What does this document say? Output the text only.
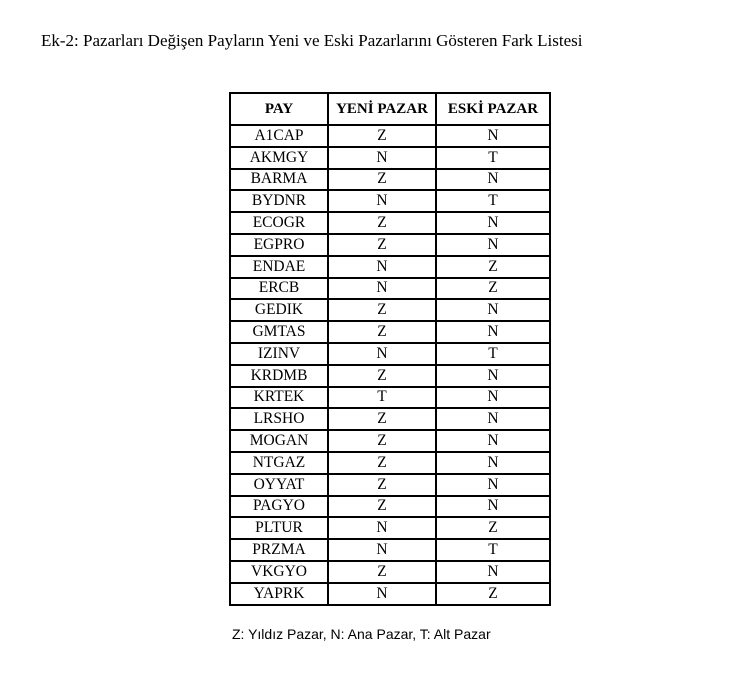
Ek-2: Pazarları Değişen Payların Yeni ve Eski Pazarlarını Gösteren Fark Listesi
PAY	YENİ PAZAR	ESKİ PAZAR
A1CAP	Z	N
AKMGY	N	T
BARMA	Z	N
BYDNR	N	T
ECOGR	Z	N
EGPRO	Z	N
ENDAE	N	Z
ERCB	N	Z
GEDIK	Z	N
GMTAS	Z	N
IZINV	N	T
KRDMB	Z	N
KRTEK	T	N
LRSHO	Z	N
MOGAN	Z	N
NTGAZ	Z	N
OYYAT	Z	N
PAGYO	Z	N
PLTUR	N	Z
PRZMA	N	T
VKGYO	Z	N
YAPRK	N	Z
Z: Yıldız Pazar, N: Ana Pazar, T: Alt Pazar
